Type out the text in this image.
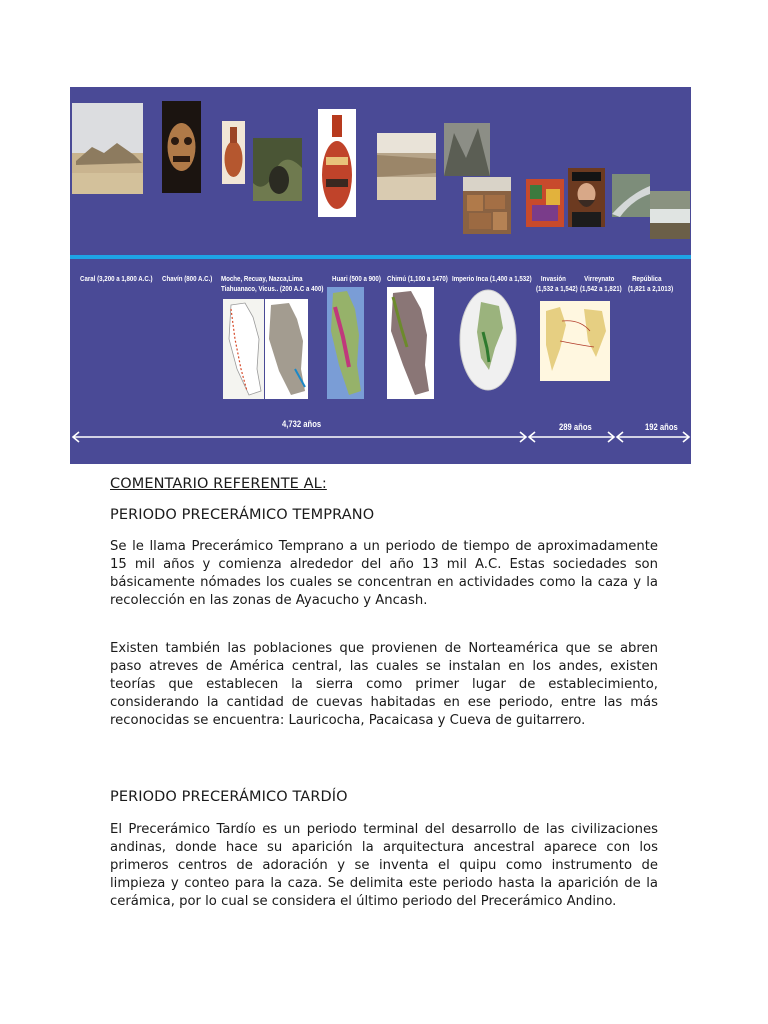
Caral (3,200 a 1,800 A.C.) Chavín (800 A.C.) Moche, Recuay, Nazca,Lima
Tiahuanaco, Vicus.. (200 A.C a 400)
Huari (500 a 900) Chimú (1,100 a 1470) Imperio Inca (1,400 a 1,532)	Invasión
(1,532 a 1,542)
Virreynato
(1,542 a 1,821)
República
(1,821 a 2,1013)
4,732 años	289 años	192 años
COMENTARIO REFERENTE AL:
PERIODO PRECERÁMICO TEMPRANO

Se le llama Precerámico Temprano a un periodo de tiempo de aproximadamente 15 mil años y comienza alrededor del año 13 mil A.C. Estas sociedades son básicamente nómades los cuales se concentran en actividades como la caza y la recolección en las zonas de Ayacucho y Ancash.

Existen también las poblaciones que provienen de Norteamérica que se abren paso atreves de América central, las cuales se instalan en los andes, existen teorías que establecen la sierra como primer lugar de establecimiento, considerando la cantidad de cuevas habitadas en ese periodo, entre las más reconocidas se encuentra: Lauricocha, Pacaicasa y Cueva de guitarrero.

PERIODO PRECERÁMICO TARDÍO

El Precerámico Tardío es un periodo terminal del desarrollo de las civilizaciones andinas, donde hace su aparición la arquitectura ancestral aparece con los primeros centros de adoración y se inventa el quipu como instrumento de limpieza y conteo para la caza. Se delimita este periodo hasta la aparición de la cerámica, por lo cual se considera el último periodo del Precerámico Andino.
